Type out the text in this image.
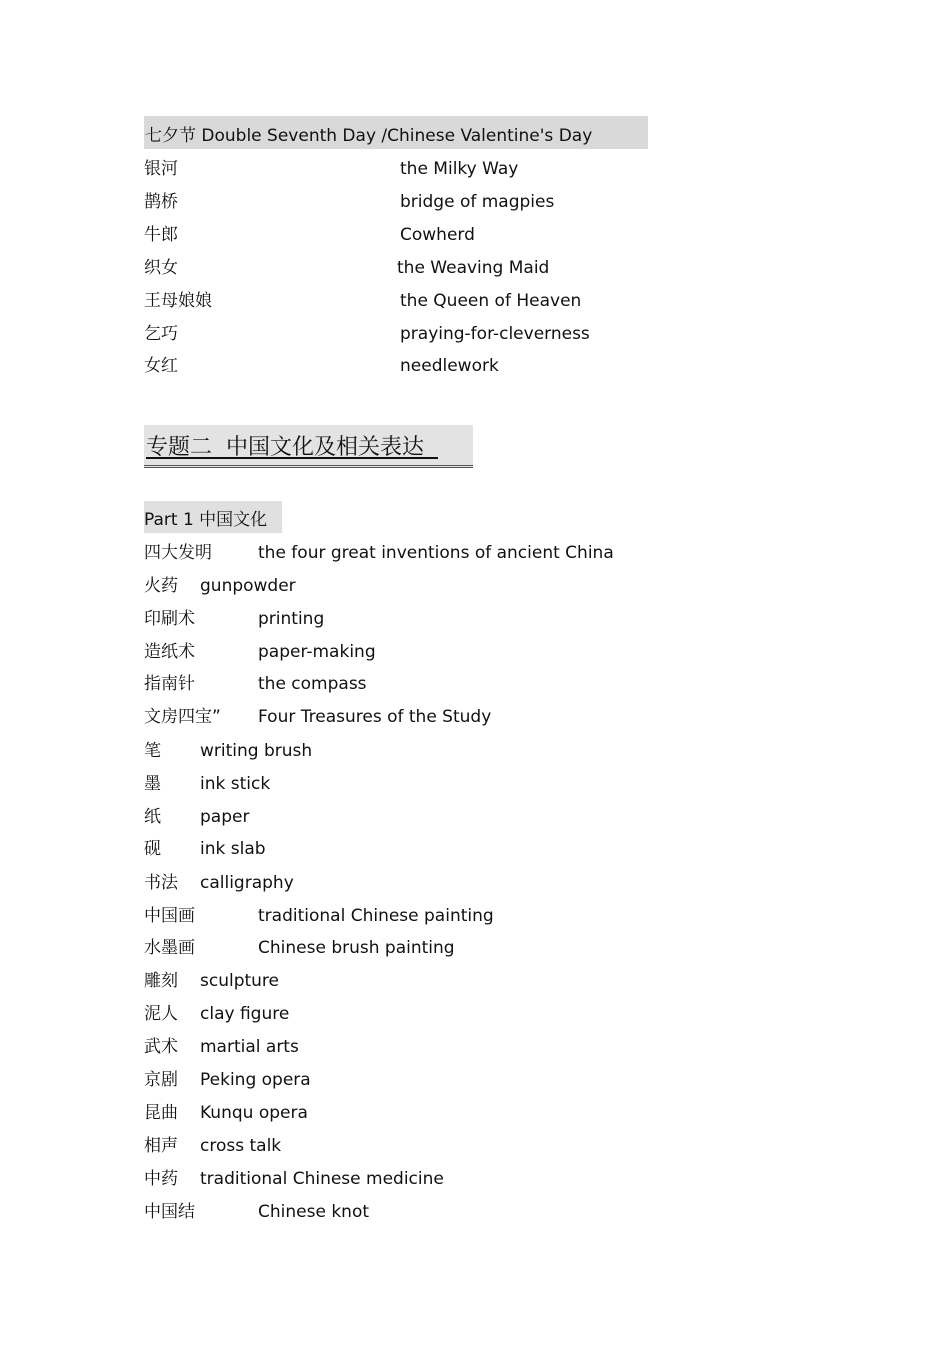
七夕节 Double Seventh Day /Chinese Valentine's Day
银河	the Milky Way
鹊桥	bridge of magpies
牛郎	Cowherd
织女	the Weaving Maid
王母娘娘	the Queen of Heaven
乞巧	praying-for-cleverness
女红	needlework
专题二  中国文化及相关表达
Part 1 中国文化
四大发明	the four great inventions of ancient China
火药 gunpowder
印刷术	printing
造纸术	paper-making
指南针	the compass
文房四宝” Four Treasures of the Study
笔 writing brush
墨 ink stick
纸 paper
砚 ink slab
书法 calligraphy
中国画	traditional Chinese painting
水墨画	Chinese brush painting
雕刻 sculpture
泥人 clay figure
武术 martial arts
京剧 Peking opera
昆曲 Kunqu opera
相声 cross talk
中药 traditional Chinese medicine
中国结	Chinese knot
